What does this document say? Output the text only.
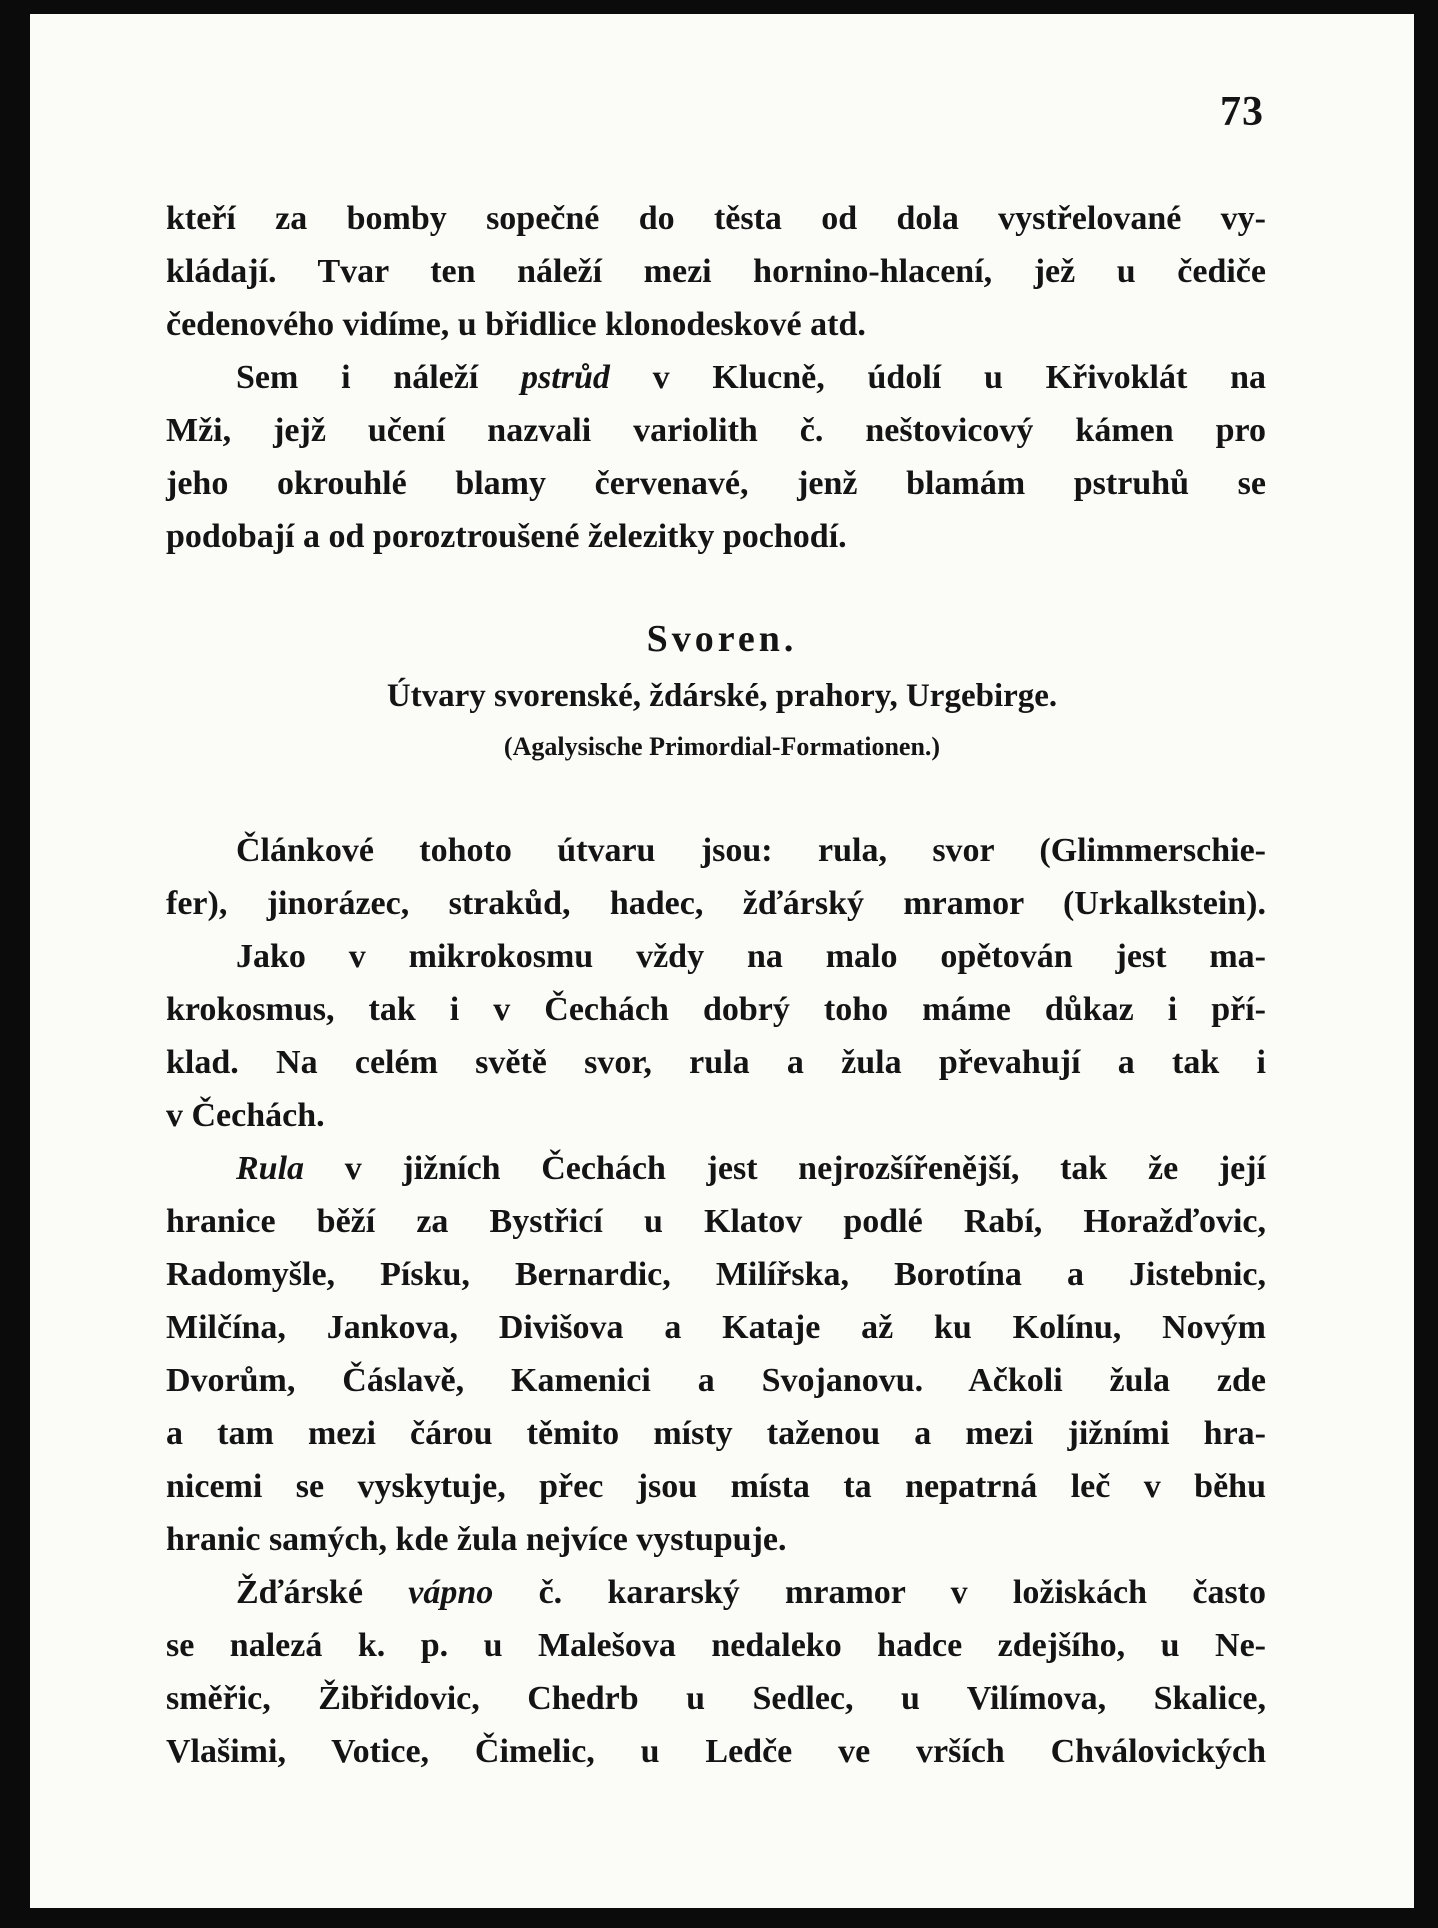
73
kteří za bomby sopečné do těsta od dola vystřelované vy-
kládají. Tvar ten náleží mezi hornino-hlacení, jež u čediče
čedenového vidíme, u břidlice klonodeskové atd.
Sem i náleží pstrůd v Klucně, údolí u Křivoklát na
Mži, jejž učení nazvali variolith č. neštovicový kámen pro
jeho okrouhlé blamy červenavé, jenž blamám pstruhů se
podobají a od poroztroušené železitky pochodí.
Svoren.
Útvary svorenské, ždárské, prahory, Urgebirge.
(Agalysische Primordial-Formationen.)
Článkové tohoto útvaru jsou: rula, svor (Glimmerschie-
fer), jinorázec, strakůd, hadec, žďárský mramor (Urkalkstein).
Jako v mikrokosmu vždy na malo opětován jest ma-
krokosmus, tak i v Čechách dobrý toho máme důkaz i pří-
klad. Na celém světě svor, rula a žula převahují a tak i
v Čechách.
Rula v jižních Čechách jest nejrozšířenější, tak že její
hranice běží za Bystřicí u Klatov podlé Rabí, Horažďovic,
Radomyšle, Písku, Bernardic, Milířska, Borotína a Jistebnic,
Milčína, Jankova, Divišova a Kataje až ku Kolínu, Novým
Dvorům, Čáslavě, Kamenici a Svojanovu. Ačkoli žula zde
a tam mezi čárou těmito místy taženou a mezi jižními hra-
nicemi se vyskytuje, přec jsou místa ta nepatrná leč v běhu
hranic samých, kde žula nejvíce vystupuje.
Žďárské vápno č. kararský mramor v ložiskách často
se nalezá k. p. u Malešova nedaleko hadce zdejšího, u Ne-
směřic, Žibřidovic, Chedrb u Sedlec, u Vilímova, Skalice,
Vlašimi, Votice, Čimelic, u Ledče ve vrších Chválovických
